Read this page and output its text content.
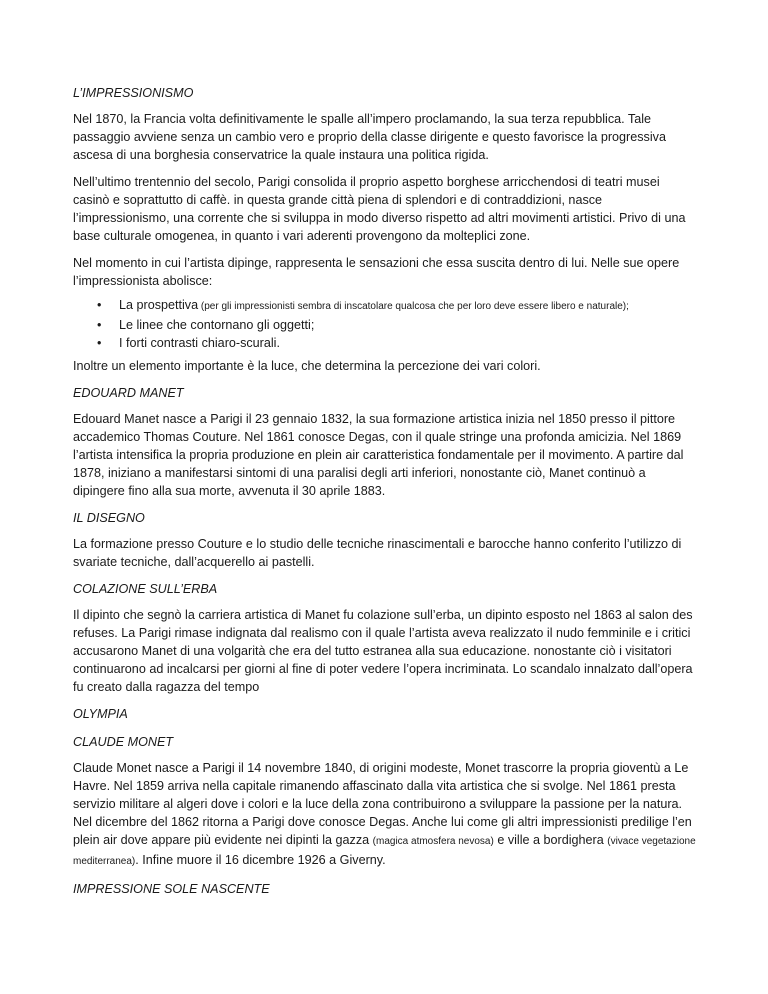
L’IMPRESSIONISMO

Nel 1870, la Francia volta definitivamente le spalle all’impero proclamando, la sua terza repubblica. Tale passaggio avviene senza un cambio vero e proprio della classe dirigente e questo favorisce la progressiva ascesa di una borghesia conservatrice la quale instaura una politica rigida.

Nell’ultimo trentennio del secolo, Parigi consolida il proprio aspetto borghese arricchendosi di teatri musei casinò e soprattutto di caffè. in questa grande città piena di splendori e di contraddizioni, nasce l’impressionismo, una corrente che si sviluppa in modo diverso rispetto ad altri movimenti artistici. Privo di una base culturale omogenea, in quanto i vari aderenti provengono da molteplici zone.

Nel momento in cui l’artista dipinge, rappresenta le sensazioni che essa suscita dentro di lui. Nelle sue opere l’impressionista abolisce:

• La prospettiva (per gli impressionisti sembra di inscatolare qualcosa che per loro deve essere libero e naturale);
• Le linee che contornano gli oggetti;
• I forti contrasti chiaro-scurali.

Inoltre un elemento importante è la luce, che determina la percezione dei vari colori.

EDOUARD MANET

Edouard Manet nasce a Parigi il 23 gennaio 1832, la sua formazione artistica inizia nel 1850 presso il pittore accademico Thomas Couture. Nel 1861 conosce Degas, con il quale stringe una profonda amicizia. Nel 1869 l’artista intensifica la propria produzione en plein air caratteristica fondamentale per il movimento. A partire dal 1878, iniziano a manifestarsi sintomi di una paralisi degli arti inferiori, nonostante ciò, Manet continuò a dipingere fino alla sua morte, avvenuta il 30 aprile 1883.

IL DISEGNO

La formazione presso Couture e lo studio delle tecniche rinascimentali e barocche hanno conferito l’utilizzo di svariate tecniche, dall’acquerello ai pastelli.

COLAZIONE SULL’ERBA

Il dipinto che segnò la carriera artistica di Manet fu colazione sull’erba, un dipinto esposto nel 1863 al salon des refuses. La Parigi rimase indignata dal realismo con il quale l’artista aveva realizzato il nudo femminile e i critici accusarono Manet di una volgarità che era del tutto estranea alla sua educazione. nonostante ciò i visitatori continuarono ad incalcarsi per giorni al fine di poter vedere l’opera incriminata. Lo scandalo innalzato dall’opera fu creato dalla ragazza del tempo

OLYMPIA
CLAUDE MONET

Claude Monet nasce a Parigi il 14 novembre 1840, di origini modeste, Monet trascorre la propria gioventù a Le Havre. Nel 1859 arriva nella capitale rimanendo affascinato dalla vita artistica che si svolge. Nel 1861 presta servizio militare al algeri dove i colori e la luce della zona contribuirono a sviluppare la passione per la natura. Nel dicembre del 1862 ritorna a Parigi dove conosce Degas. Anche lui come gli altri impressionisti predilige l’en plein air dove appare più evidente nei dipinti la gazza (magica atmosfera nevosa) e ville a bordighera (vivace vegetazione mediterranea). Infine muore il 16 dicembre 1926 a Giverny.

IMPRESSIONE SOLE NASCENTE
